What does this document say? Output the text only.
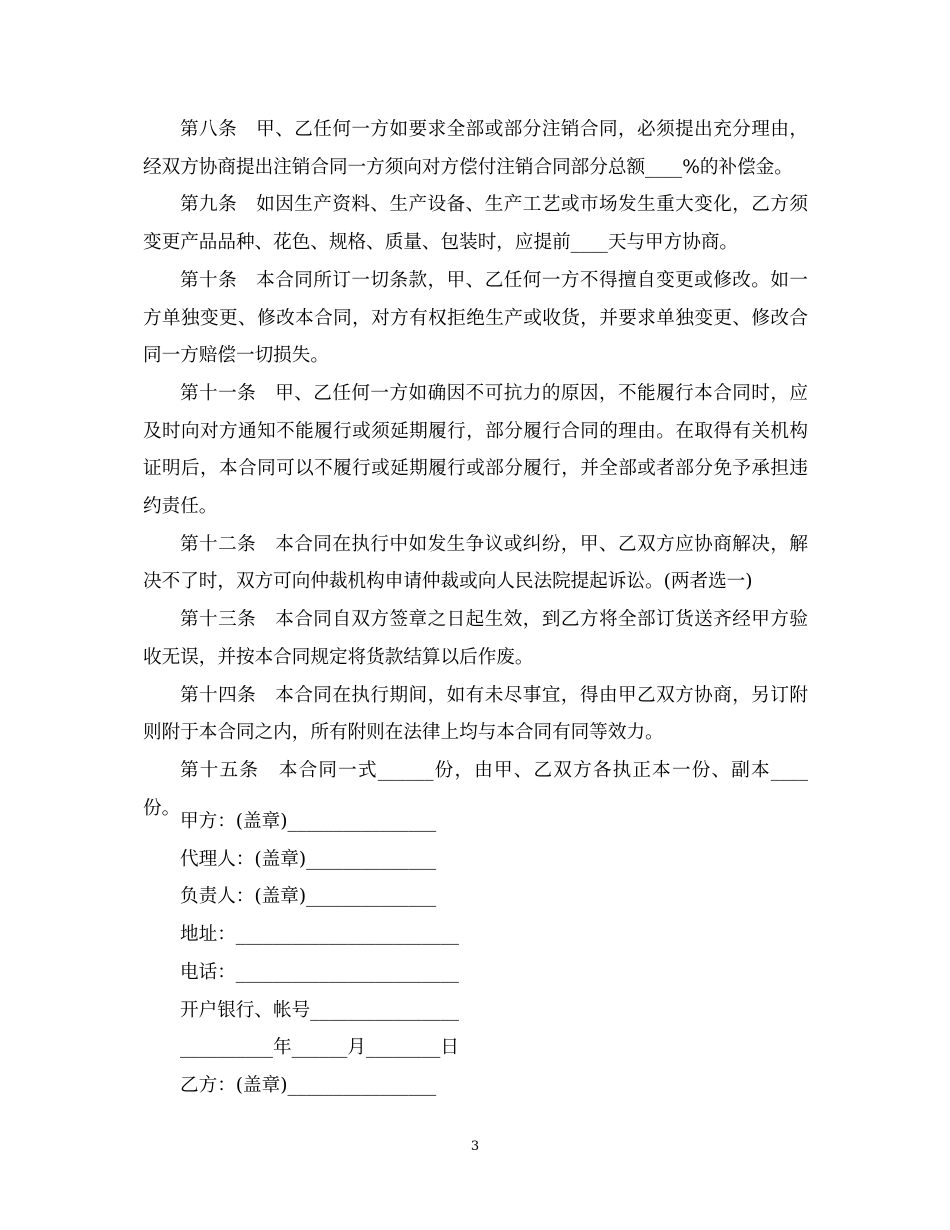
第八条　甲、乙任何一方如要求全部或部分注销合同，必须提出充分理由，经双方协商提出注销合同一方须向对方偿付注销合同部分总额____%的补偿金。

第九条　如因生产资料、生产设备、生产工艺或市场发生重大变化，乙方须变更产品品种、花色、规格、质量、包装时，应提前____天与甲方协商。

第十条　本合同所订一切条款，甲、乙任何一方不得擅自变更或修改。如一方单独变更、修改本合同，对方有权拒绝生产或收货，并要求单独变更、修改合同一方赔偿一切损失。

第十一条　甲、乙任何一方如确因不可抗力的原因，不能履行本合同时，应及时向对方通知不能履行或须延期履行，部分履行合同的理由。在取得有关机构证明后，本合同可以不履行或延期履行或部分履行，并全部或者部分免予承担违约责任。

第十二条　本合同在执行中如发生争议或纠纷，甲、乙双方应协商解决，解决不了时，双方可向仲裁机构申请仲裁或向人民法院提起诉讼。(两者选一)

第十三条　本合同自双方签章之日起生效，到乙方将全部订货送齐经甲方验收无误，并按本合同规定将货款结算以后作废。

第十四条　本合同在执行期间，如有未尽事宜，得由甲乙双方协商，另订附则附于本合同之内，所有附则在法律上均与本合同有同等效力。

第十五条　本合同一式______份，由甲、乙双方各执正本一份、副本____份。

甲方：(盖章)________________

代理人：(盖章)______________

负责人：(盖章)______________

地址：________________________

电话：________________________

开户银行、帐号________________

__________年______月________日

乙方：(盖章)________________

3
